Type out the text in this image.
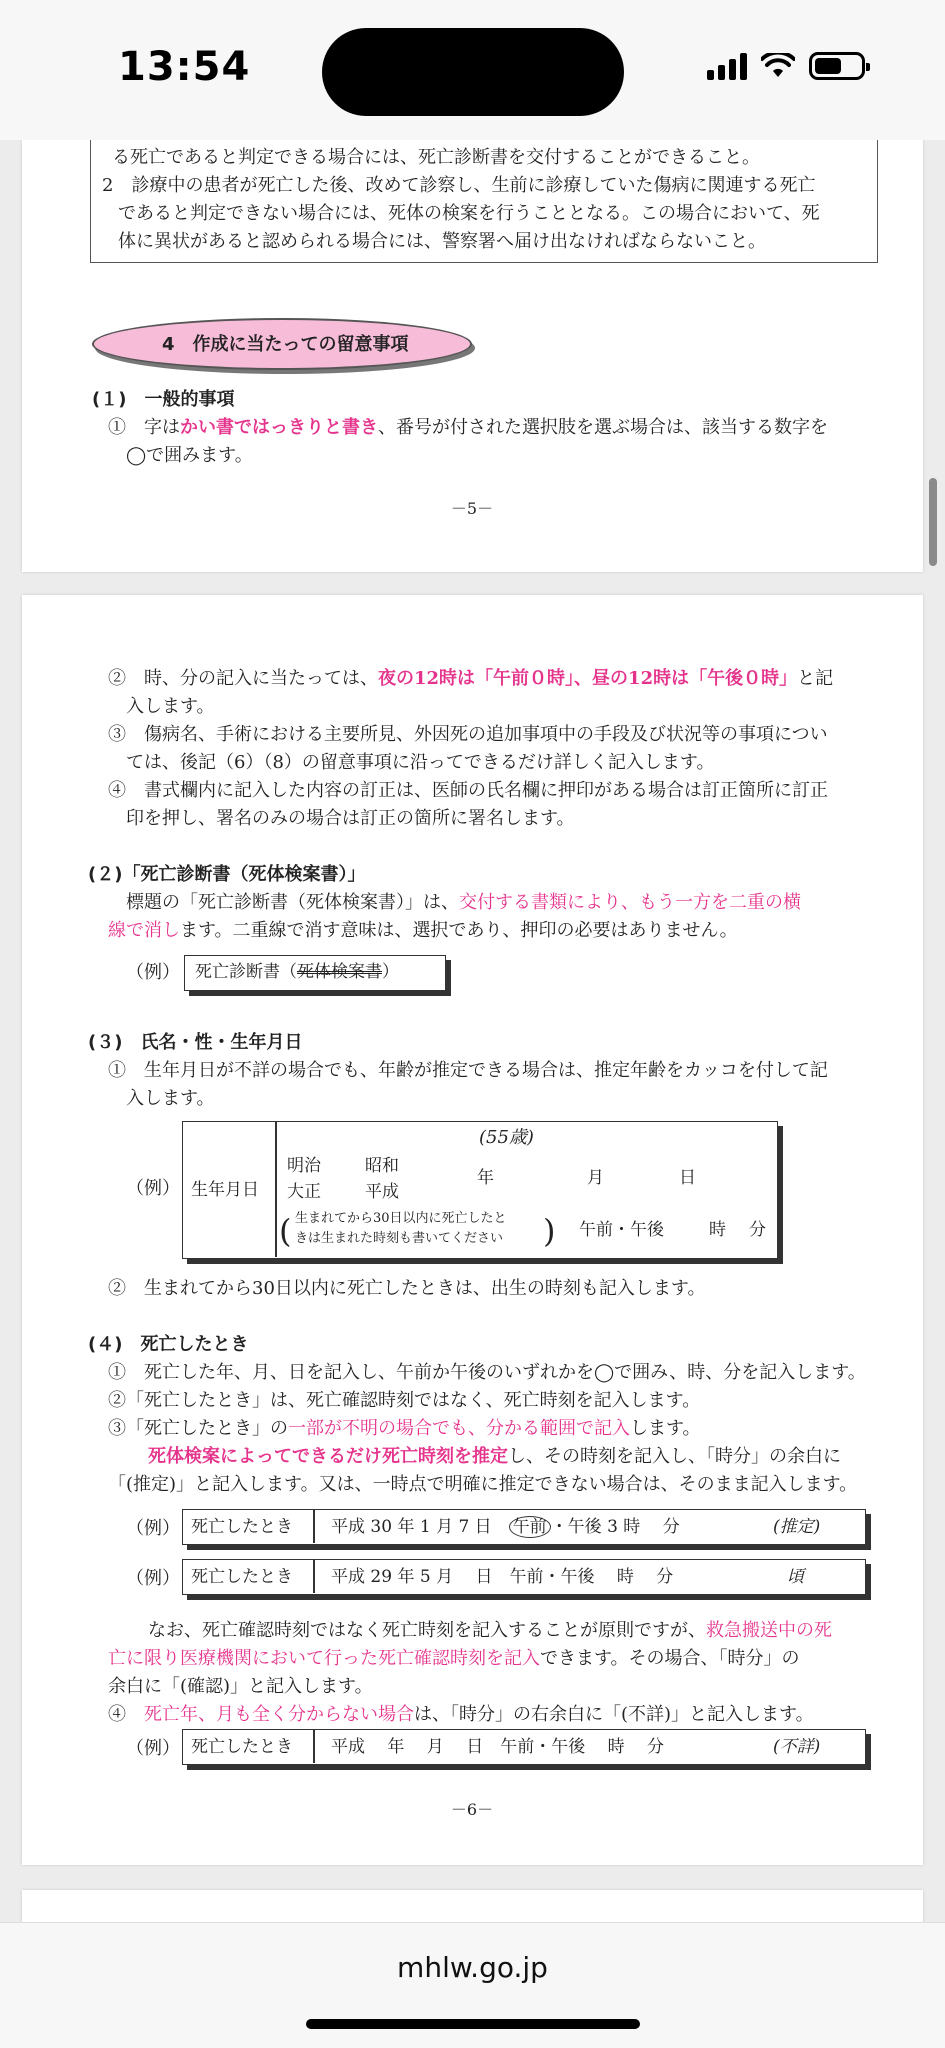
13:54
る死亡であると判定できる場合には、死亡診断書を交付することができること。
2　診療中の患者が死亡した後、改めて診察し、生前に診療していた傷病に関連する死亡
であると判定できない場合には、死体の検案を行うこととなる。この場合において、死
体に異状があると認められる場合には、警察署へ届け出なければならないこと。
4　作成に当たっての留意事項
(１)　一般的事項
①　字はかい書ではっきりと書き、番号が付された選択肢を選ぶ場合は、該当する数字を
◯で囲みます。
－5－
②　時、分の記入に当たっては、夜の12時は「午前０時」、昼の12時は「午後０時」と記
入します。
③　傷病名、手術における主要所見、外因死の追加事項中の手段及び状況等の事項につい
ては、後記（6）（8）の留意事項に沿ってできるだけ詳しく記入します。
④　書式欄内に記入した内容の訂正は、医師の氏名欄に押印がある場合は訂正箇所に訂正
印を押し、署名のみの場合は訂正の箇所に署名します。
(２)「死亡診断書（死体検案書）」
標題の「死亡診断書（死体検案書）」は、交付する書類により、もう一方を二重の横
線で消します。二重線で消す意味は、選択であり、押印の必要はありません。
（例） 死亡診断書（死体検案書）
(３)　氏名・性・生年月日
①　生年月日が不詳の場合でも、年齢が推定できる場合は、推定年齢をカッコを付して記
入します。
（例） 生年月日
(55歳)
明治	昭和
大正	平成
年	月	日
( 生まれてから30日以内に死亡したと
きは生まれた時刻も書いてください ) 午前・午後	時 分
②　生まれてから30日以内に死亡したときは、出生の時刻も記入します。
(４)　死亡したとき
①　死亡した年、月、日を記入し、午前か午後のいずれかを◯で囲み、時、分を記入します。
②「死亡したとき」は、死亡確認時刻ではなく、死亡時刻を記入します。
③「死亡したとき」の一部が不明の場合でも、分かる範囲で記入します。
死体検案によってできるだけ死亡時刻を推定し、その時刻を記入し、「時分」の余白に
「(推定)」と記入します。又は、一時点で明確に推定できない場合は、そのまま記入します。
（例） 死亡したとき 平成 30 年 1 月 7 日　 午前 ・午後 3 時　 分	(推定)
（例） 死亡したとき 平成 29 年 5 月　 日　午前・午後　 時　 分	頃
なお、死亡確認時刻ではなく死亡時刻を記入することが原則ですが、救急搬送中の死
亡に限り医療機関において行った死亡確認時刻を記入できます。その場合、「時分」の
余白に「(確認)」と記入します。
④　死亡年、月も全く分からない場合は、「時分」の右余白に「(不詳)」と記入します。
（例） 死亡したとき 平成　 年　 月　 日　午前・午後　 時　 分	(不詳)
－6－
mhlw.go.jp
